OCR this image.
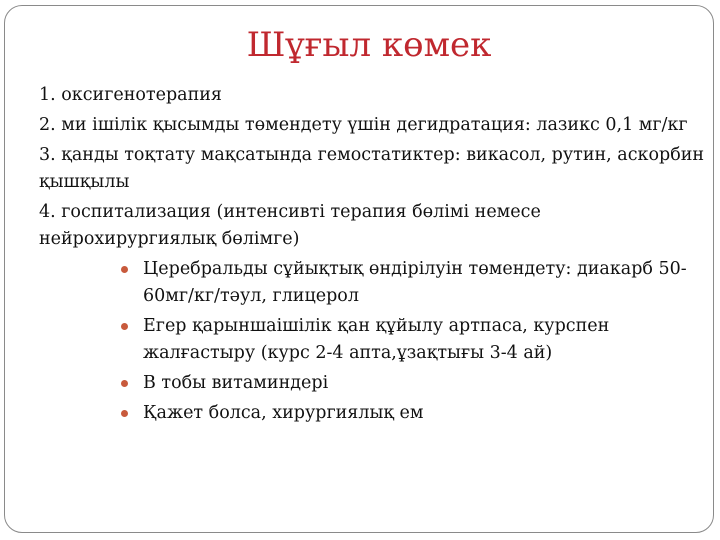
Шұғыл көмек

1. оксигенотерапия

2. ми ішілік қысымды төмендету үшін дегидратация: лазикс 0,1 мг/кг

3. қанды тоқтату мақсатында гемостатиктер: викасол, рутин, аскорбин қышқылы

4. госпитализация (интенсивті терапия бөлімі немесе нейрохирургиялық бөлімге)

Церебральды сұйықтық өндірілуін төмендету: диакарб 50-60мг/кг/тәул, глицерол
Егер қарыншаішілік қан құйылу артпаса, курспен жалғастыру (курс 2-4 апта,ұзақтығы 3-4 ай)
В тобы витаминдері
Қажет болса, хирургиялық ем
